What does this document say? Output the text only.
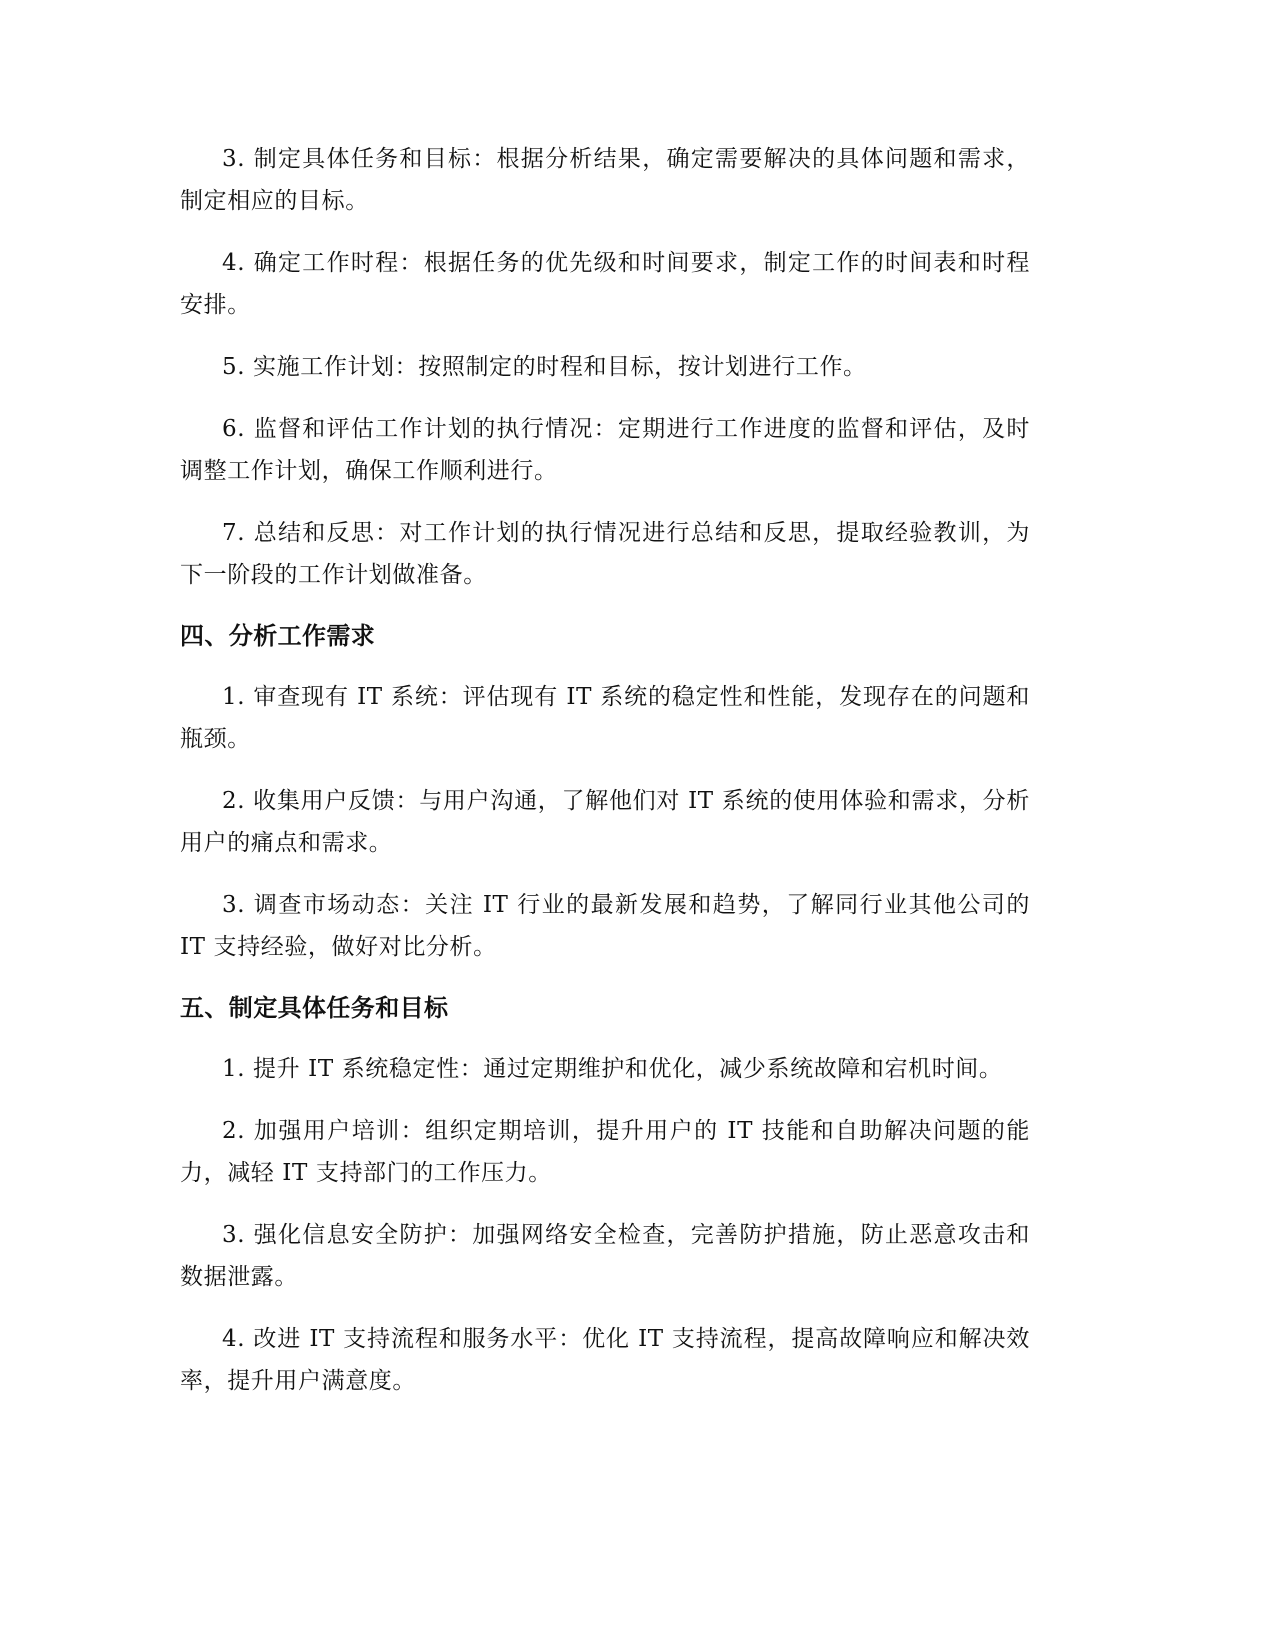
3. 制定具体任务和目标：根据分析结果，确定需要解决的具体问题和需求，制定相应的目标。

4. 确定工作时程：根据任务的优先级和时间要求，制定工作的时间表和时程安排。

5. 实施工作计划：按照制定的时程和目标，按计划进行工作。

6. 监督和评估工作计划的执行情况：定期进行工作进度的监督和评估，及时调整工作计划，确保工作顺利进行。

7. 总结和反思：对工作计划的执行情况进行总结和反思，提取经验教训，为下一阶段的工作计划做准备。

四、分析工作需求

1. 审查现有 IT 系统：评估现有 IT 系统的稳定性和性能，发现存在的问题和瓶颈。

2. 收集用户反馈：与用户沟通，了解他们对 IT 系统的使用体验和需求，分析用户的痛点和需求。

3. 调查市场动态：关注 IT 行业的最新发展和趋势，了解同行业其他公司的 IT 支持经验，做好对比分析。

五、制定具体任务和目标

1. 提升 IT 系统稳定性：通过定期维护和优化，减少系统故障和宕机时间。

2. 加强用户培训：组织定期培训，提升用户的 IT 技能和自助解决问题的能力，减轻 IT 支持部门的工作压力。

3. 强化信息安全防护：加强网络安全检查，完善防护措施，防止恶意攻击和数据泄露。

4. 改进 IT 支持流程和服务水平：优化 IT 支持流程，提高故障响应和解决效率，提升用户满意度。
